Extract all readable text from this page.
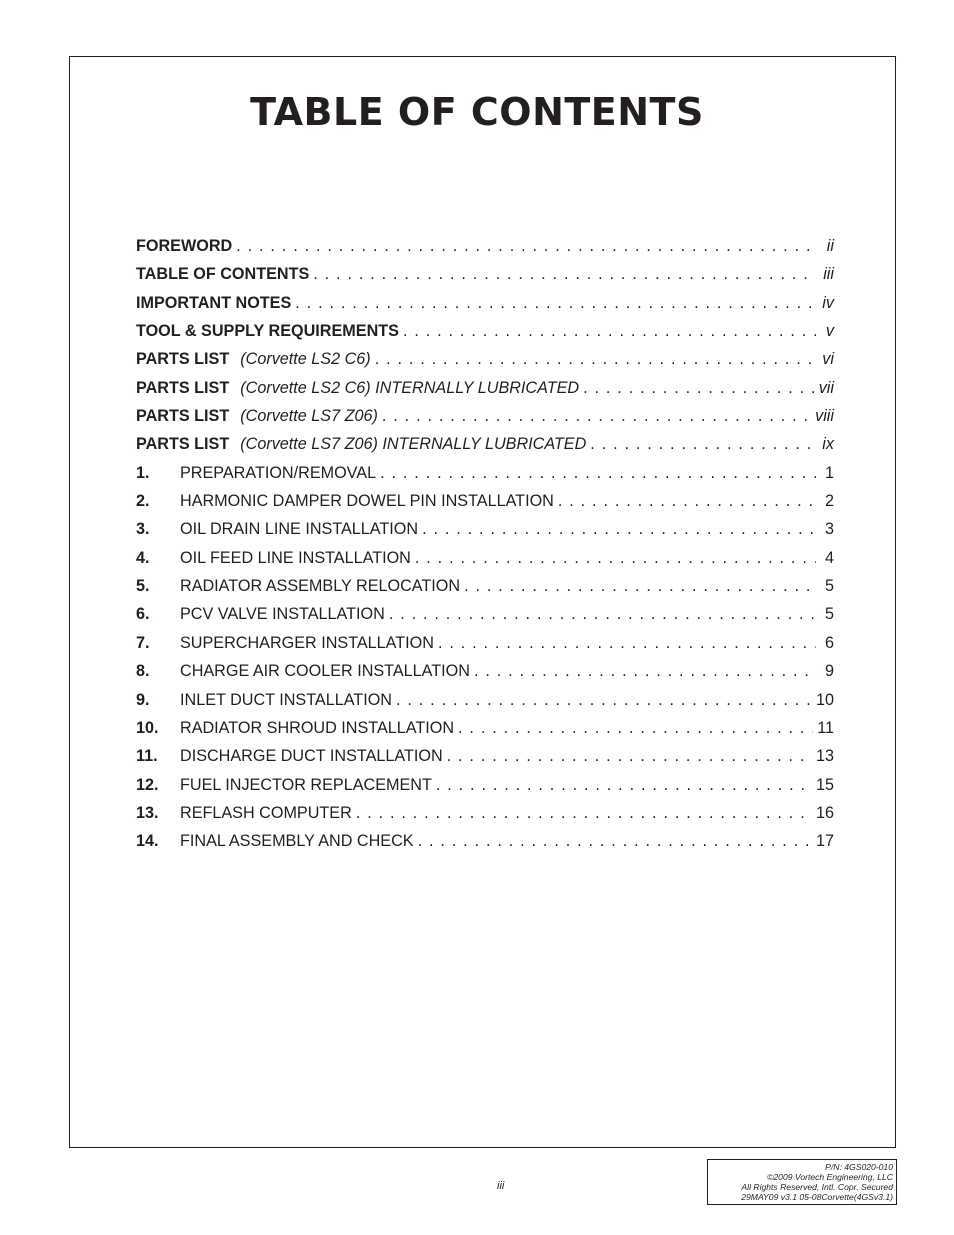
TABLE OF CONTENTS
FOREWORD . . .	ii
TABLE OF CONTENTS . . .	iii
IMPORTANT NOTES . . .	iv
TOOL & SUPPLY REQUIREMENTS . . .	v
PARTS LIST (Corvette LS2 C6) . . .	vi
PARTS LIST (Corvette LS2 C6) INTERNALLY LUBRICATED . . .	vii
PARTS LIST (Corvette LS7 Z06) . . .	viii
PARTS LIST (Corvette LS7 Z06) INTERNALLY LUBRICATED . . .	ix
1.	PREPARATION/REMOVAL . . .	1
2.	HARMONIC DAMPER DOWEL PIN INSTALLATION . . .	2
3.	OIL DRAIN LINE INSTALLATION . . .	3
4.	OIL FEED LINE INSTALLATION . . .	4
5.	RADIATOR ASSEMBLY RELOCATION . . .	5
6.	PCV VALVE INSTALLATION . . .	5
7.	SUPERCHARGER INSTALLATION . . .	6
8.	CHARGE AIR COOLER INSTALLATION . . .	9
9.	INLET DUCT INSTALLATION . . .	10
10.	RADIATOR SHROUD INSTALLATION . . .	11
11.	DISCHARGE DUCT INSTALLATION . . .	13
12.	FUEL INJECTOR REPLACEMENT . . .	15
13.	REFLASH COMPUTER . . .	16
14.	FINAL ASSEMBLY AND CHECK . . .	17
iii
P/N: 4GS020-010
©2009 Vortech Engineering, LLC
All Rights Reserved, Intl. Copr. Secured
29MAY09 v3.1 05-08Corvette(4GSv3.1)
